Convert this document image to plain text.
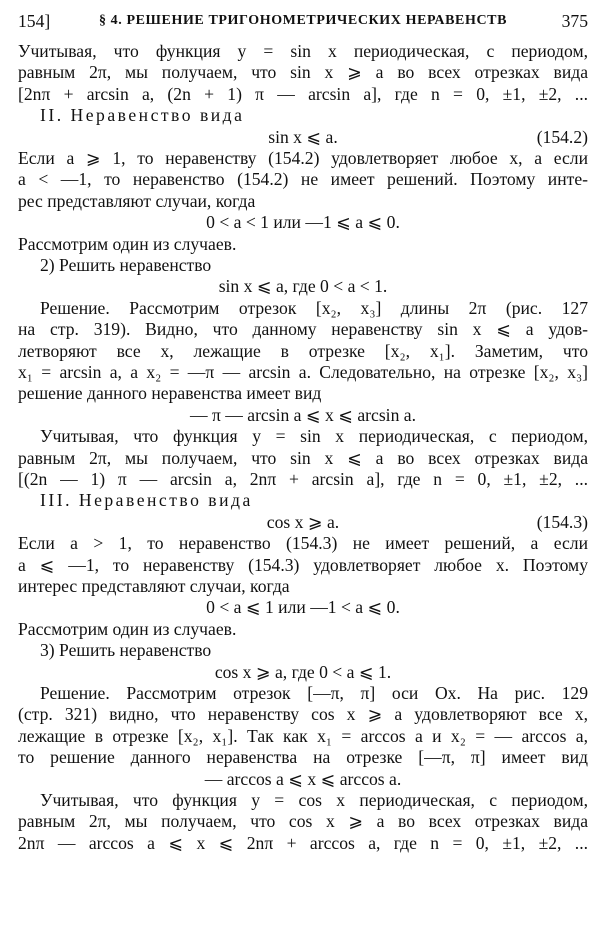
154]	§ 4. РЕШЕНИЕ ТРИГОНОМЕТРИЧЕСКИХ НЕРАВЕНСТВ	375
Учитывая, что функция y = sin x периодическая, с периодом,
равным 2π, мы получаем, что sin x ⩾ a во всех отрезках вида
[2nπ + arcsin a, (2n + 1) π — arcsin a], где n = 0, ±1, ±2, ...
II. Неравенство вида
sin x ⩽ a.	(154.2)
Если a ⩾ 1, то неравенству (154.2) удовлетворяет любое x, а если
a < —1, то неравенство (154.2) не имеет решений. Поэтому инте-
рес представляют случаи, когда
0 < a < 1 или —1 ⩽ a ⩽ 0.
Рассмотрим один из случаев.
2) Решить неравенство
sin x ⩽ a, где 0 < a < 1.
Решение. Рассмотрим отрезок [x₂, x₃] длины 2π (рис. 127
на стр. 319). Видно, что данному неравенству sin x ⩽ a удов-
летворяют все x, лежащие в отрезке [x₂, x₁]. Заметим, что
x₁ = arcsin a, а x₂ = —π — arcsin a. Следовательно, на отрезке [x₂, x₃]
решение данного неравенства имеет вид
— π — arcsin a ⩽ x ⩽ arcsin a.
Учитывая, что функция y = sin x периодическая, с периодом,
равным 2π, мы получаем, что sin x ⩽ a во всех отрезках вида
[(2n — 1) π — arcsin a, 2nπ + arcsin a], где n = 0, ±1, ±2, ...
III. Неравенство вида
cos x ⩾ a.	(154.3)
Если a > 1, то неравенство (154.3) не имеет решений, а если
a ⩽ —1, то неравенству (154.3) удовлетворяет любое x. Поэтому
интерес представляют случаи, когда
0 < a ⩽ 1 или —1 < a ⩽ 0.
Рассмотрим один из случаев.
3) Решить неравенство
cos x ⩾ a, где 0 < a ⩽ 1.
Решение. Рассмотрим отрезок [—π, π] оси Ox. На рис. 129
(стр. 321) видно, что неравенству cos x ⩾ a удовлетворяют все x,
лежащие в отрезке [x₂, x₁]. Так как x₁ = arccos a и x₂ = — arccos a,
то решение данного неравенства на отрезке [—π, π] имеет вид
— arccos a ⩽ x ⩽ arccos a.
Учитывая, что функция y = cos x периодическая, с периодом,
равным 2π, мы получаем, что cos x ⩾ a во всех отрезках вида
2nπ — arccos a ⩽ x ⩽ 2nπ + arccos a, где n = 0, ±1, ±2, ...
